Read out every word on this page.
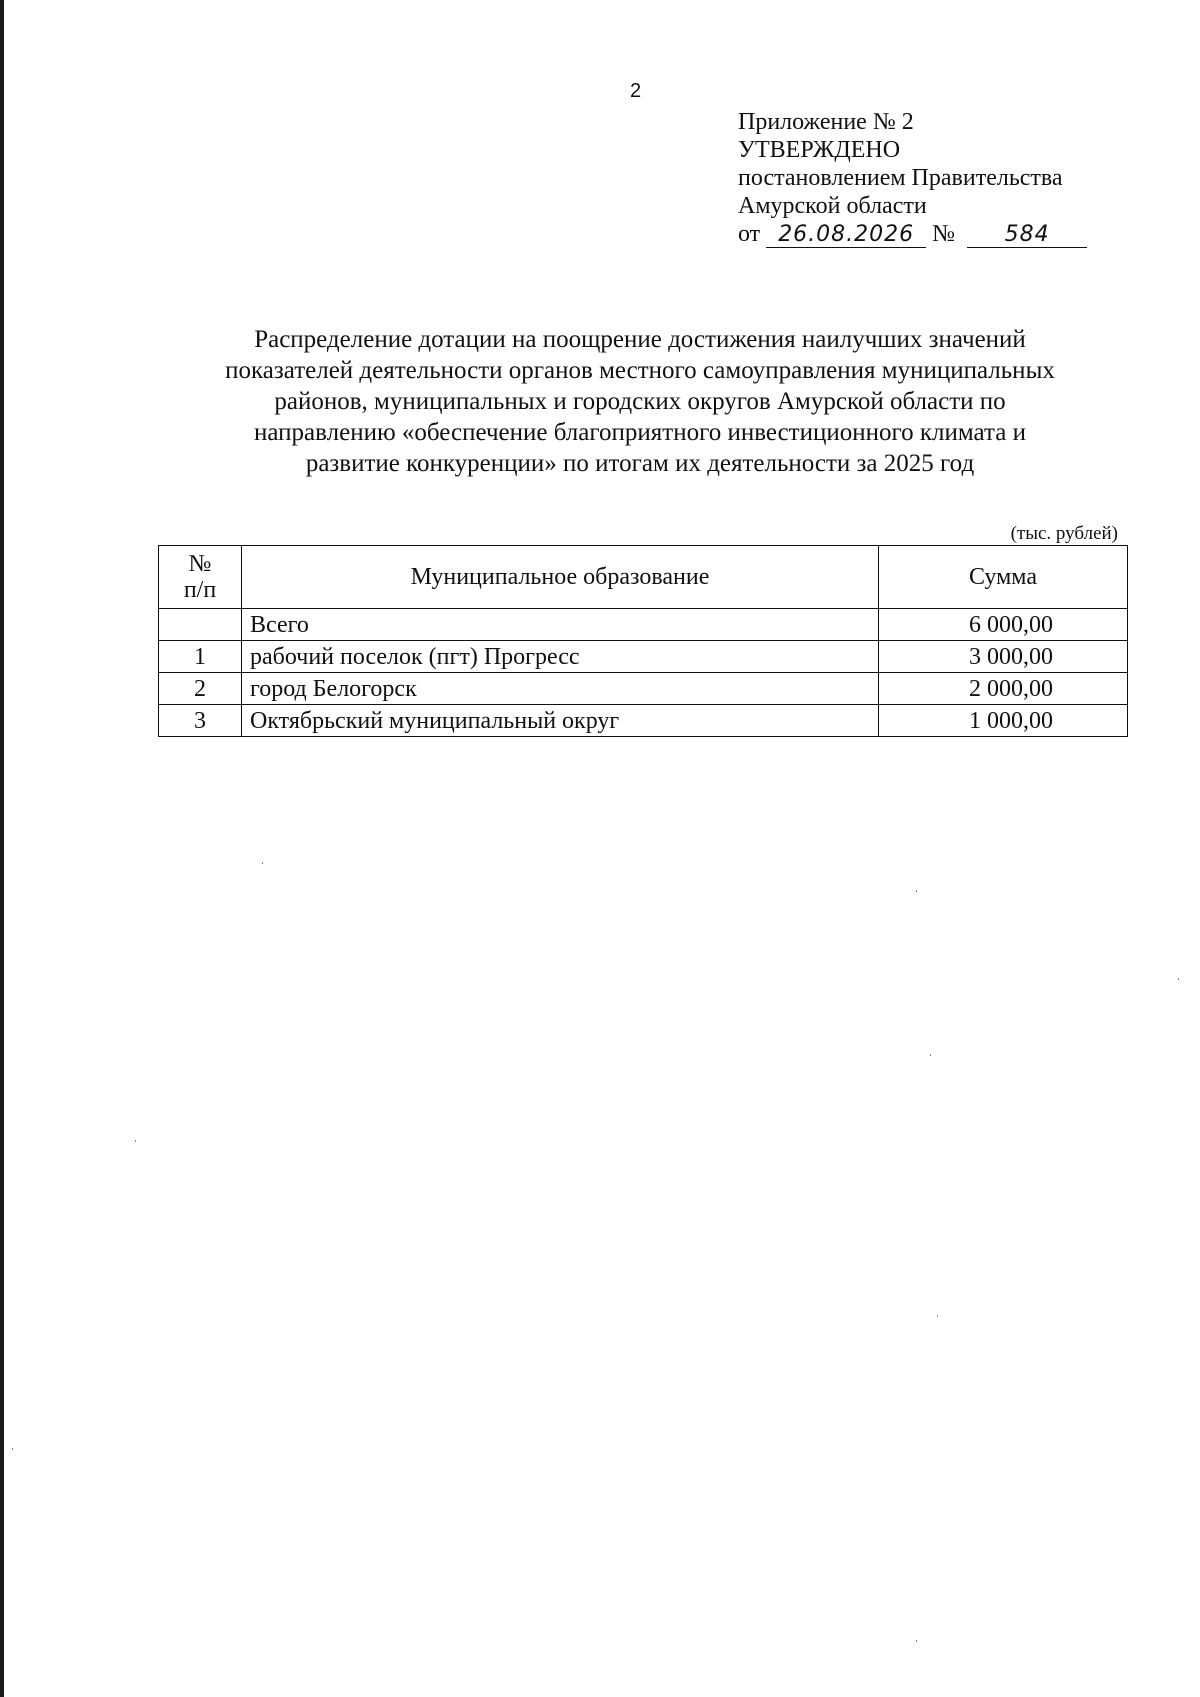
2
Приложение № 2
УТВЕРЖДЕНО
постановлением Правительства
Амурской области
от 26.08.2026 № 584
Распределение дотации на поощрение достижения наилучших значений
показателей деятельности органов местного самоуправления муниципальных
районов, муниципальных и городских округов Амурской области по
направлению «обеспечение благоприятного инвестиционного климата и
развитие конкуренции» по итогам их деятельности за 2025 год
(тыс. рублей)
№
п/п	Муниципальное образование	Сумма
	Всего	6 000,00
1	рабочий поселок (пгт) Прогресс	3 000,00
2	город Белогорск	2 000,00
3	Октябрьский муниципальный округ	1 000,00
